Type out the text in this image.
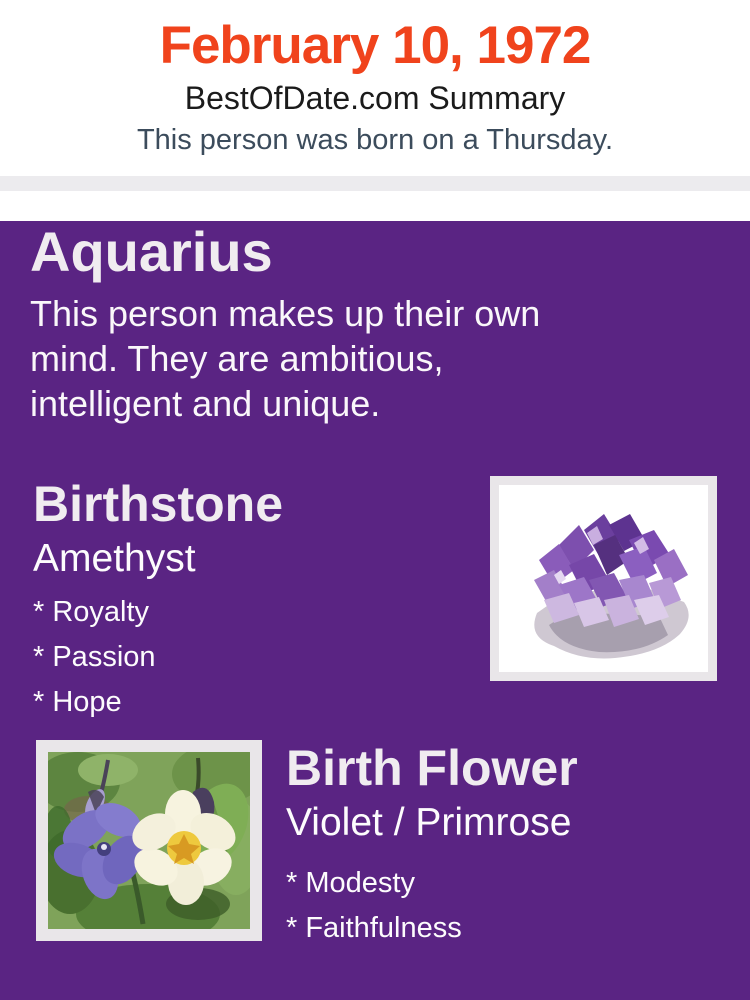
February 10, 1972
BestOfDate.com Summary
This person was born on a Thursday.
Aquarius
This person makes up their own
mind. They are ambitious,
intelligent and unique.
Birthstone
Amethyst
* Royalty
* Passion
* Hope
Birth Flower
Violet / Primrose
* Modesty
* Faithfulness
